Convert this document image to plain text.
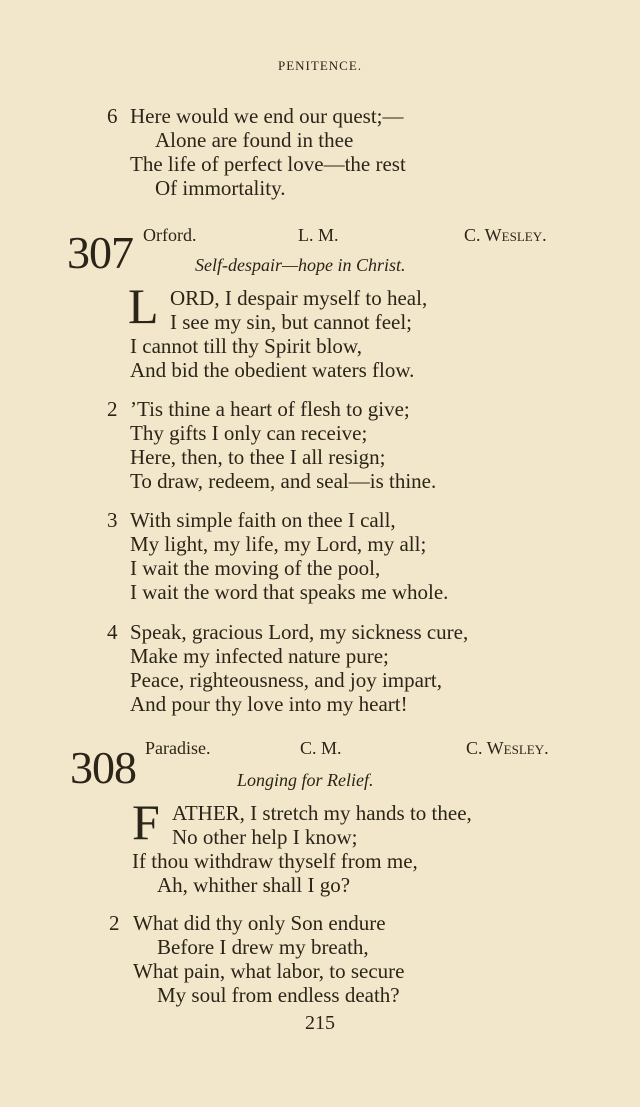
PENITENCE.
6 Here would we end our quest;—
Alone are found in thee
The life of perfect love—the rest
Of immortality.
307 Orford.	L. M.	C. Wesley.
Self-despair—hope in Christ.
L ORD, I despair myself to heal,
I see my sin, but cannot feel;
I cannot till thy Spirit blow,
And bid the obedient waters flow.
2 ’Tis thine a heart of flesh to give;
Thy gifts I only can receive;
Here, then, to thee I all resign;
To draw, redeem, and seal—is thine.
3 With simple faith on thee I call,
My light, my life, my Lord, my all;
I wait the moving of the pool,
I wait the word that speaks me whole.
4 Speak, gracious Lord, my sickness cure,
Make my infected nature pure;
Peace, righteousness, and joy impart,
And pour thy love into my heart!
308 Paradise.	C. M.	C. Wesley.
Longing for Relief.
F ATHER, I stretch my hands to thee,
No other help I know;
If thou withdraw thyself from me,
Ah, whither shall I go?
2 What did thy only Son endure
Before I drew my breath,
What pain, what labor, to secure
My soul from endless death?
215
